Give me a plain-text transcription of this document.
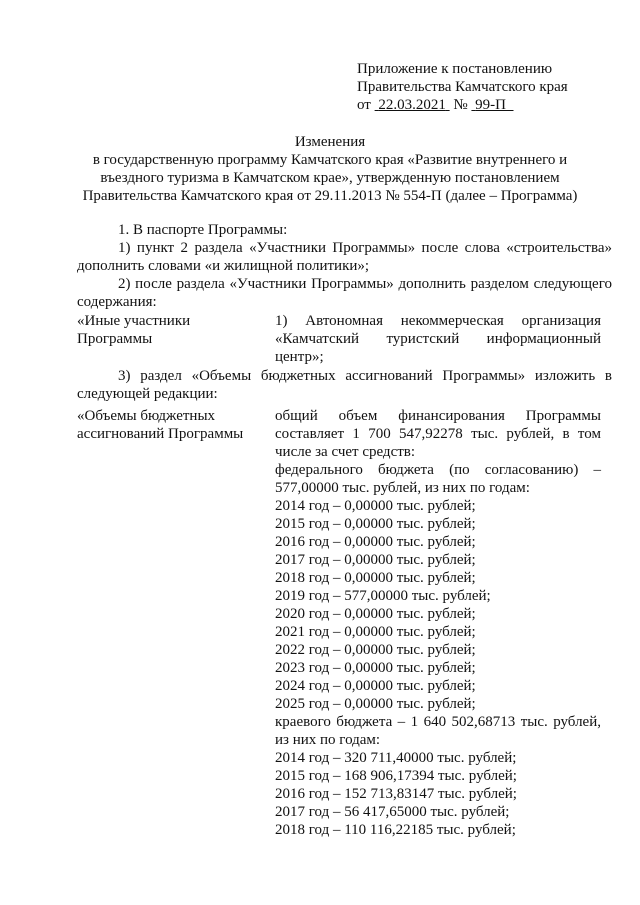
Приложение к постановлению
Правительства Камчатского края
от 22.03.2021 № 99-П
Изменения
в государственную программу Камчатского края «Развитие внутреннего и
въездного туризма в Камчатском крае», утвержденную постановлением
Правительства Камчатского края от 29.11.2013 № 554-П (далее – Программа)
1. В паспорте Программы:
1) пункт 2 раздела «Участники Программы» после слова «строительства» дополнить словами «и жилищной политики»;
2) после раздела «Участники Программы» дополнить разделом следующего содержания:
«Иные участники Программы
1) Автономная некоммерческая организация
«Камчатский туристский информационный
центр»;
3) раздел «Объемы бюджетных ассигнований Программы» изложить в следующей редакции:
«Объемы бюджетных ассигнований Программы
общий объем финансирования Программы
составляет 1 700 547,92278 тыс. рублей, в том
числе за счет средств:
федерального бюджета (по согласованию) –
577,00000 тыс. рублей, из них по годам:
2014 год – 0,00000 тыс. рублей;
2015 год – 0,00000 тыс. рублей;
2016 год – 0,00000 тыс. рублей;
2017 год – 0,00000 тыс. рублей;
2018 год – 0,00000 тыс. рублей;
2019 год – 577,00000 тыс. рублей;
2020 год – 0,00000 тыс. рублей;
2021 год – 0,00000 тыс. рублей;
2022 год – 0,00000 тыс. рублей;
2023 год – 0,00000 тыс. рублей;
2024 год – 0,00000 тыс. рублей;
2025 год – 0,00000 тыс. рублей;
краевого бюджета – 1 640 502,68713 тыс. рублей,
из них по годам:
2014 год – 320 711,40000 тыс. рублей;
2015 год – 168 906,17394 тыс. рублей;
2016 год – 152 713,83147 тыс. рублей;
2017 год – 56 417,65000 тыс. рублей;
2018 год – 110 116,22185 тыс. рублей;
